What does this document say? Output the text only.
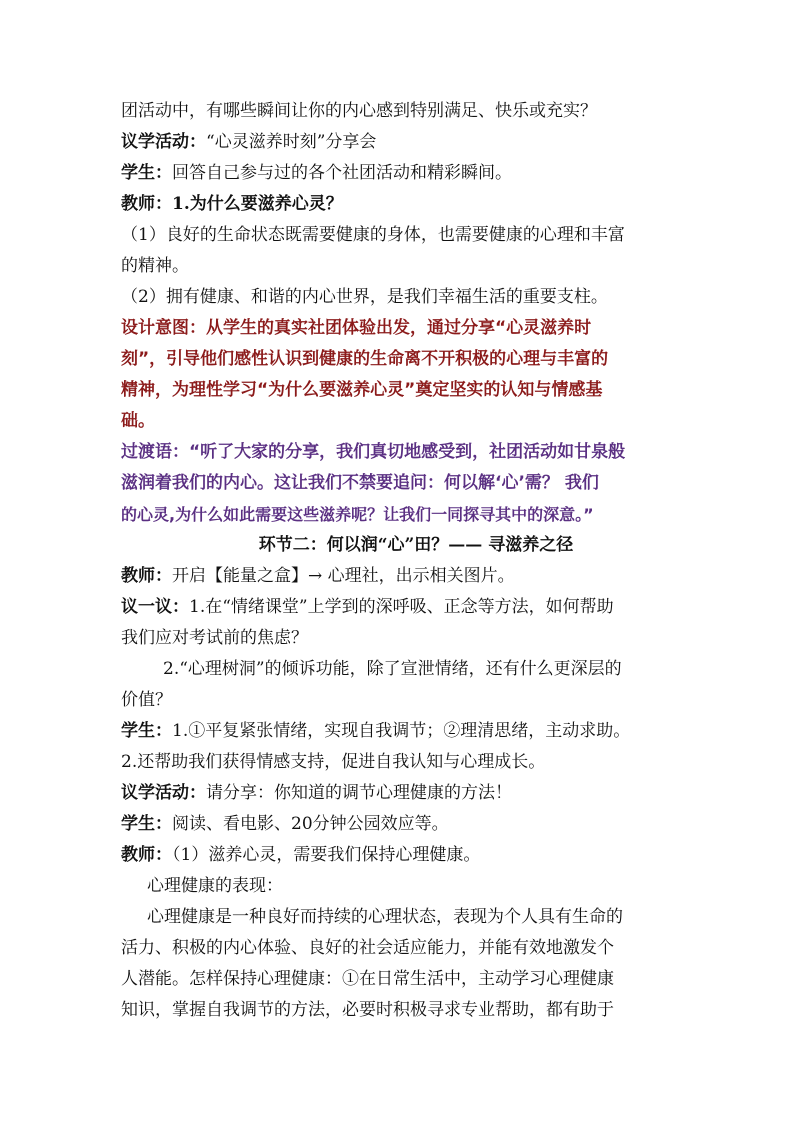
团活动中，有哪些瞬间让你的内心感到特别满足、快乐或充实？
议学活动：“心灵滋养时刻”分享会
学生：回答自己参与过的各个社团活动和精彩瞬间。
教师：1.为什么要滋养心灵？
（1）良好的生命状态既需要健康的身体，也需要健康的心理和丰富
的精神。
（2）拥有健康、和谐的内心世界，是我们幸福生活的重要支柱。
设计意图：从学生的真实社团体验出发，通过分享“心灵滋养时
刻”，引导他们感性认识到健康的生命离不开积极的心理与丰富的
精神，为理性学习“为什么要滋养心灵”奠定坚实的认知与情感基
础。
过渡语：“听了大家的分享，我们真切地感受到，社团活动如甘泉般
滋润着我们的内心。这让我们不禁要追问：何以解‘心’需？ 我们
的心灵,为什么如此需要这些滋养呢？让我们一同探寻其中的深意。”
环节二：何以润“心”田？—— 寻滋养之径
教师：开启【能量之盒】→ 心理社，出示相关图片。
议一议：1.在“情绪课堂”上学到的深呼吸、正念等方法，如何帮助
我们应对考试前的焦虑？
2.“心理树洞”的倾诉功能，除了宣泄情绪，还有什么更深层的
价值？
学生：1.①平复紧张情绪，实现自我调节；②理清思绪，主动求助。
2.还帮助我们获得情感支持，促进自我认知与心理成长。
议学活动：请分享：你知道的调节心理健康的方法！
学生：阅读、看电影、20分钟公园效应等。
教师：（1）滋养心灵，需要我们保持心理健康。
心理健康的表现：
心理健康是一种良好而持续的心理状态，表现为个人具有生命的
活力、积极的内心体验、良好的社会适应能力，并能有效地激发个
人潜能。怎样保持心理健康：①在日常生活中，主动学习心理健康
知识，掌握自我调节的方法，必要时积极寻求专业帮助，都有助于
